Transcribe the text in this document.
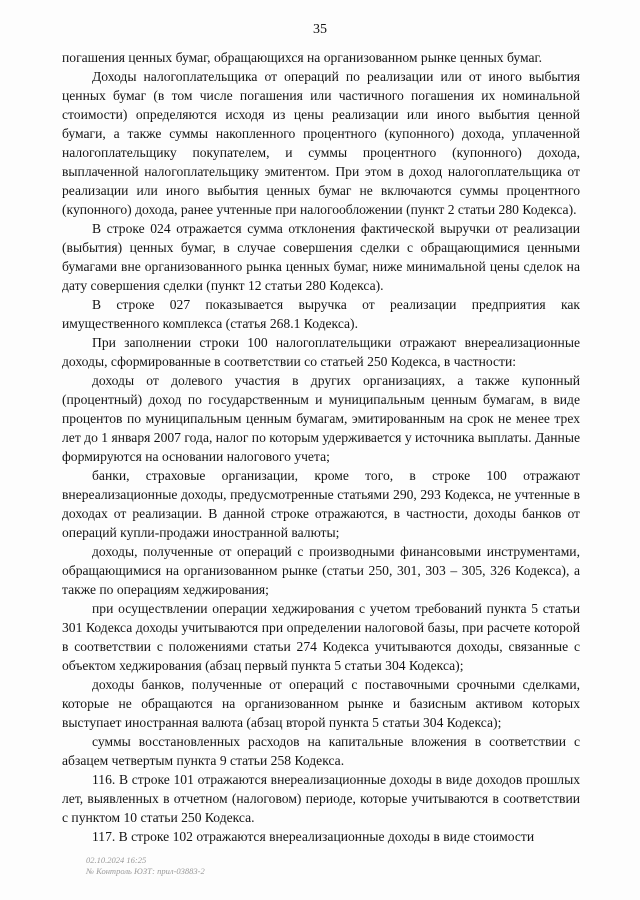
35

погашения ценных бумаг, обращающихся на организованном рынке ценных бумаг.

Доходы налогоплательщика от операций по реализации или от иного выбытия ценных бумаг (в том числе погашения или частичного погашения их номинальной стоимости) определяются исходя из цены реализации или иного выбытия ценной бумаги, а также суммы накопленного процентного (купонного) дохода, уплаченной налогоплательщику покупателем, и суммы процентного (купонного) дохода, выплаченной налогоплательщику эмитентом. При этом в доход налогоплательщика от реализации или иного выбытия ценных бумаг не включаются суммы процентного (купонного) дохода, ранее учтенные при налогообложении (пункт 2 статьи 280 Кодекса).

В строке 024 отражается сумма отклонения фактической выручки от реализации (выбытия) ценных бумаг, в случае совершения сделки с обращающимися ценными бумагами вне организованного рынка ценных бумаг, ниже минимальной цены сделок на дату совершения сделки (пункт 12 статьи 280 Кодекса).

В строке 027 показывается выручка от реализации предприятия как имущественного комплекса (статья 268.1 Кодекса).

При заполнении строки 100 налогоплательщики отражают внереализационные доходы, сформированные в соответствии со статьей 250 Кодекса, в частности:

доходы от долевого участия в других организациях, а также купонный (процентный) доход по государственным и муниципальным ценным бумагам, в виде процентов по муниципальным ценным бумагам, эмитированным на срок не менее трех лет до 1 января 2007 года, налог по которым удерживается у источника выплаты. Данные формируются на основании налогового учета;

банки, страховые организации, кроме того, в строке 100 отражают внереализационные доходы, предусмотренные статьями 290, 293 Кодекса, не учтенные в доходах от реализации. В данной строке отражаются, в частности, доходы банков от операций купли-продажи иностранной валюты;

доходы, полученные от операций с производными финансовыми инструментами, обращающимися на организованном рынке (статьи 250, 301, 303 – 305, 326 Кодекса), а также по операциям хеджирования;

при осуществлении операции хеджирования с учетом требований пункта 5 статьи 301 Кодекса доходы учитываются при определении налоговой базы, при расчете которой в соответствии с положениями статьи 274 Кодекса учитываются доходы, связанные с объектом хеджирования (абзац первый пункта 5 статьи 304 Кодекса);

доходы банков, полученные от операций с поставочными срочными сделками, которые не обращаются на организованном рынке и базисным активом которых выступает иностранная валюта (абзац второй пункта 5 статьи 304 Кодекса);

суммы восстановленных расходов на капитальные вложения в соответствии с абзацем четвертым пункта 9 статьи 258 Кодекса.

116. В строке 101 отражаются внереализационные доходы в виде доходов прошлых лет, выявленных в отчетном (налоговом) периоде, которые учитываются в соответствии с пунктом 10 статьи 250 Кодекса.

117. В строке 102 отражаются внереализационные доходы в виде стоимости

02.10.2024 16:25
№ Контроль ЮЗТ: прил-03883-2
